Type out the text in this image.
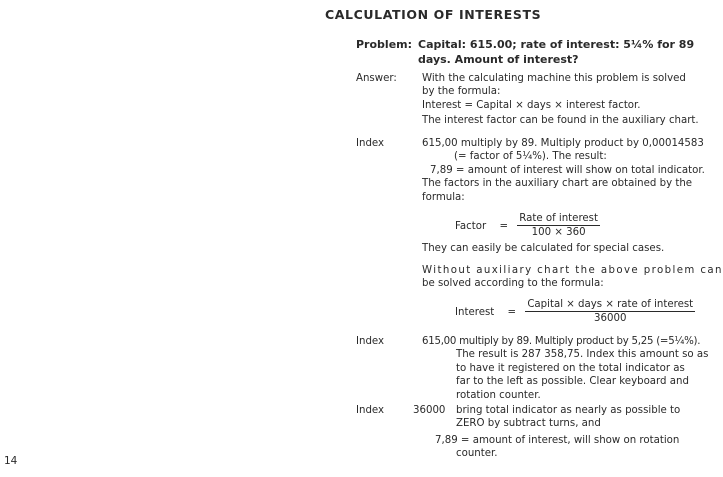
CALCULATION OF INTERESTS
Problem: Capital: 615.00; rate of interest: 5¼% for 89
days. Amount of interest?
Answer: With the calculating machine this problem is solved
by the formula:
Interest = Capital × days × interest factor.
The interest factor can be found in the auxiliary chart.
Index	615,00 multiply by 89. Multiply product by 0,00014583
(= factor of 5¼%). The result:
7,89 = amount of interest will show on total indicator.
The factors in the auxiliary chart are obtained by the
formula:
Factor = $\frac{\text{Rate of interest}}{100 \times 360}$
They can easily be calculated for special cases.
Without auxiliary chart the above problem can
be solved according to the formula:
Interest = $\frac{\text{Capital × days × rate of interest}}{36000}$
Index	615,00 multiply by 89. Multiply product by 5,25 (=5¼%).
The result is 287 358,75. Index this amount so as
to have it registered on the total indicator as
far to the left as possible. Clear keyboard and
rotation counter.
Index	36000 bring total indicator as nearly as possible to
ZERO by subtract turns, and
7,89 = amount of interest, will show on rotation
counter.
14
